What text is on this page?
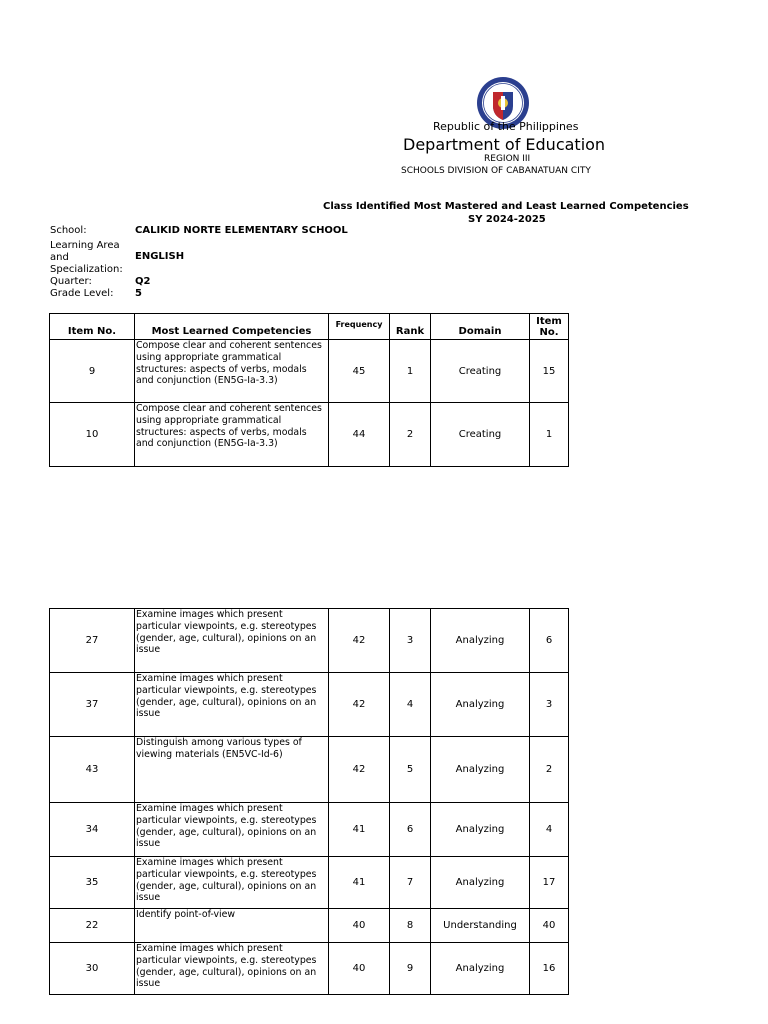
Republic of the Philippines
Department of Education
REGION III
SCHOOLS DIVISION OF CABANATUAN CITY
Class Identified Most Mastered and Least Learned Competencies
SY 2024-2025
School:	CALIKID NORTE ELEMENTARY SCHOOL
Learning Area
and
Specialization:
ENGLISH
Quarter:	Q2
Grade Level: 5
Item No.	Most Learned Competencies	Frequency	Rank	Domain	Item
No.

9	Compose clear and coherent sentences using appropriate grammatical structures: aspects of verbs, modals and conjunction (EN5G-Ia-3.3)	45	1	Creating	15
10	Compose clear and coherent sentences using appropriate grammatical structures: aspects of verbs, modals and conjunction (EN5G-Ia-3.3)	44	2	Creating	1
27	Examine images which present particular viewpoints, e.g. stereotypes (gender, age, cultural), opinions on an issue	42	3	Analyzing	6
37	Examine images which present particular viewpoints, e.g. stereotypes (gender, age, cultural), opinions on an issue	42	4	Analyzing	3
43	Distinguish among various types of viewing materials (EN5VC-Id-6)	42	5	Analyzing	2
34	Examine images which present particular viewpoints, e.g. stereotypes (gender, age, cultural), opinions on an issue	41	6	Analyzing	4
35	Examine images which present particular viewpoints, e.g. stereotypes (gender, age, cultural), opinions on an issue	41	7	Analyzing	17
22	Identify point-of-view	40	8	Understanding	40
30	Examine images which present particular viewpoints, e.g. stereotypes (gender, age, cultural), opinions on an issue	40	9	Analyzing	16
